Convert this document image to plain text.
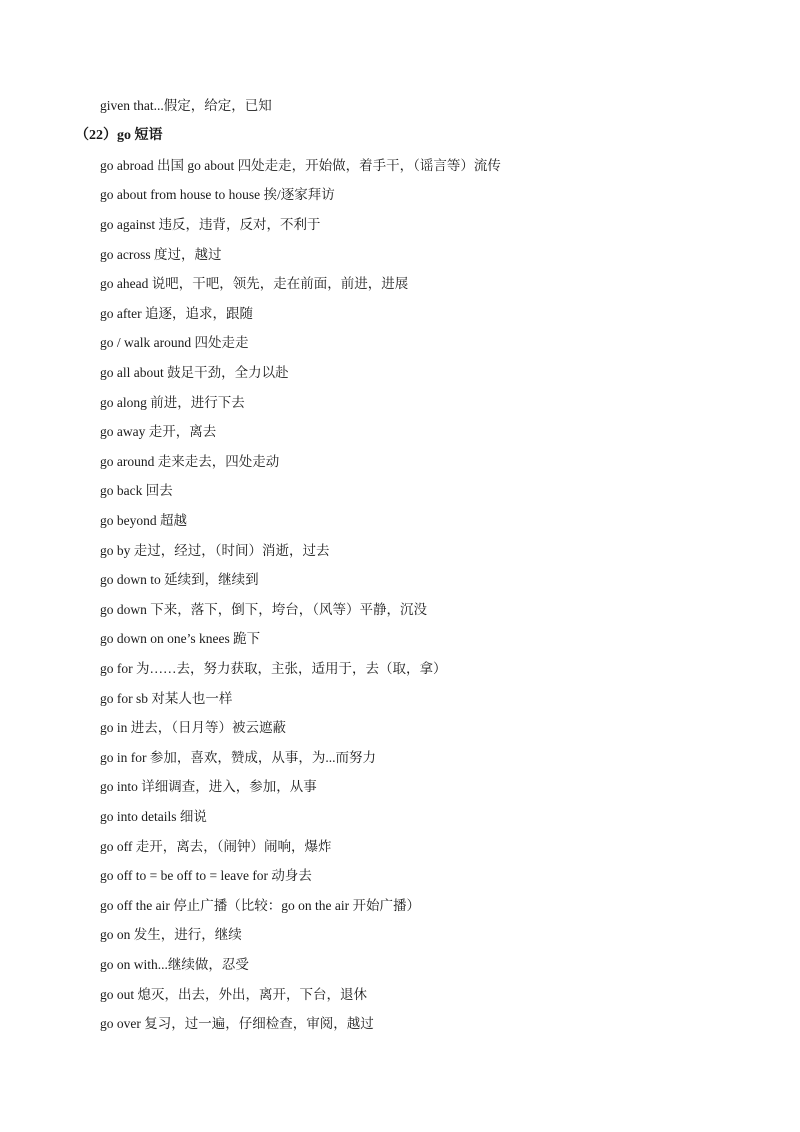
given that...假定，给定，已知
（22）go 短语
go abroad 出国 go about 四处走走，开始做，着手干，（谣言等）流传
go about from house to house 挨/逐家拜访
go against 违反，违背，反对，不利于
go across 度过，越过
go ahead 说吧，干吧，领先，走在前面，前进，进展
go after 追逐，追求，跟随
go / walk around 四处走走
go all about 鼓足干劲，全力以赴
go along 前进，进行下去
go away 走开，离去
go around 走来走去，四处走动
go back 回去
go beyond 超越
go by 走过，经过，（时间）消逝，过去
go down to 延续到，继续到
go down 下来，落下，倒下，垮台，（风等）平静，沉没
go down on one’s knees 跪下
go for 为……去，努力获取，主张，适用于，去（取，拿）
go for sb 对某人也一样
go in 进去，（日月等）被云遮蔽
go in for 参加，喜欢，赞成，从事，为...而努力
go into 详细调查，进入，参加，从事
go into details 细说
go off 走开，离去，（闹钟）闹响，爆炸
go off to = be off to = leave for 动身去
go off the air 停止广播（比较：go on the air 开始广播）
go on 发生，进行，继续
go on with...继续做，忍受
go out 熄灭，出去，外出，离开，下台，退休
go over 复习，过一遍，仔细检查，审阅，越过
